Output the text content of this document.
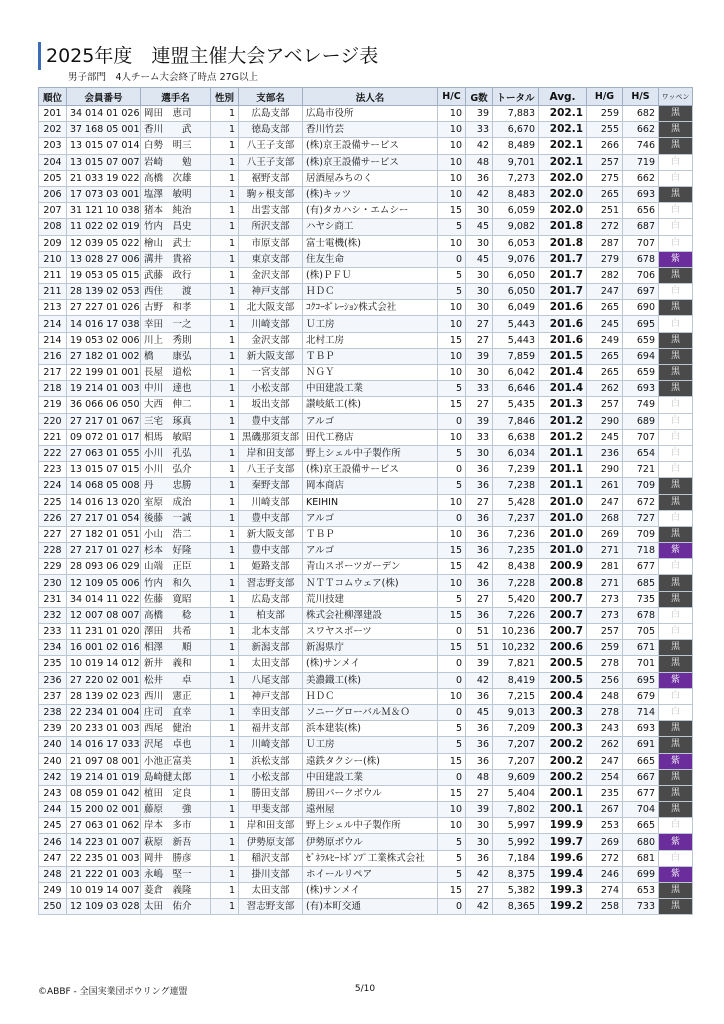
2025年度　連盟主催大会アベレージ表
男子部門　4人チーム大会終了時点 27G以上
順位	会員番号	選手名	性別	支部名	法人名	H/C	G数	トータル	Avg.	H/G	H/S	ワッペン
201	34 014 01 026	岡田　恵司	1	広島支部	広島市役所	10	39	7,883	202.1	259	682	黒
202	37 168 05 001	香川　　武	1	徳島支部	香川竹芸	10	33	6,670	202.1	255	662	黒
203	13 015 07 014	白勢　明三	1	八王子支部	(株)京王設備サービス	10	42	8,489	202.1	266	746	黒
204	13 015 07 007	岩崎　　勉	1	八王子支部	(株)京王設備サービス	10	48	9,701	202.1	257	719	白
205	21 033 19 022	高橋　次雄	1	裾野支部	居酒屋みちのく	10	36	7,273	202.0	275	662	白
206	17 073 03 001	塩澤　敏明	1	駒ヶ根支部	(株)キッツ	10	42	8,483	202.0	265	693	黒
207	31 121 10 038	猪本　純治	1	出雲支部	(有)タカハシ・エムシー	15	30	6,059	202.0	251	656	白
208	11 022 02 019	竹内　昌史	1	所沢支部	ハヤシ商工	5	45	9,082	201.8	272	687	白
209	12 039 05 022	檜山　武士	1	市原支部	富士電機(株)	10	30	6,053	201.8	287	707	白
210	13 028 27 006	溝井　貴裕	1	東京支部	住友生命	0	45	9,076	201.7	279	678	紫
211	19 053 05 015	武藤　政行	1	金沢支部	(株)ＰＦＵ	5	30	6,050	201.7	282	706	黒
211	28 139 02 053	西住　　渡	1	神戸支部	ＨＤＣ	5	30	6,050	201.7	247	697	白
213	27 227 01 026	古野　和孝	1	北大阪支部	ｺｸｺｰﾎﾟﾚｰｼｮﾝ株式会社	10	30	6,049	201.6	265	690	黒
214	14 016 17 038	幸田　一之	1	川崎支部	Ｕ工房	10	27	5,443	201.6	245	695	白
214	19 053 02 006	川上　秀則	1	金沢支部	北村工房	15	27	5,443	201.6	249	659	黒
216	27 182 01 002	橋　　康弘	1	新大阪支部	ＴＢＰ	10	39	7,859	201.5	265	694	黒
217	22 199 01 001	長屋　道松	1	一宮支部	ＮＧＹ	10	30	6,042	201.4	265	659	黒
218	19 214 01 003	中川　達也	1	小松支部	中田建設工業	5	33	6,646	201.4	262	693	黒
219	36 066 06 050	大西　伸二	1	坂出支部	讃岐紙工(株)	15	27	5,435	201.3	257	749	白
220	27 217 01 067	三宅　琢真	1	豊中支部	アルゴ	0	39	7,846	201.2	290	689	白
221	09 072 01 017	相馬　敏昭	1	黒磯那須支部	田代工務店	10	33	6,638	201.2	245	707	白
222	27 063 01 055	小川　孔弘	1	岸和田支部	野上シェル中子製作所	5	30	6,034	201.1	236	654	白
223	13 015 07 015	小川　弘介	1	八王子支部	(株)京王設備サービス	0	36	7,239	201.1	290	721	白
224	14 068 05 008	丹　　忠勝	1	秦野支部	岡本商店	5	36	7,238	201.1	261	709	黒
225	14 016 13 020	室原　成治	1	川崎支部	KEIHIN	10	27	5,428	201.0	247	672	黒
226	27 217 01 054	後藤　一誠	1	豊中支部	アルゴ	0	36	7,237	201.0	268	727	白
227	27 182 01 051	小山　浩二	1	新大阪支部	ＴＢＰ	10	36	7,236	201.0	269	709	黒
228	27 217 01 027	杉本　好隆	1	豊中支部	アルゴ	15	36	7,235	201.0	271	718	紫
229	28 093 06 029	山端　正臣	1	姫路支部	青山スポーツガーデン	15	42	8,438	200.9	281	677	白
230	12 109 05 006	竹内　和久	1	習志野支部	ＮＴＴコムウェア(株)	10	36	7,228	200.8	271	685	黒
231	34 014 11 022	佐藤　寛昭	1	広島支部	荒川技建	5	27	5,420	200.7	273	735	黒
232	12 007 08 007	高橋　　稔	1	柏支部	株式会社柳澤建設	15	36	7,226	200.7	273	678	白
233	11 231 01 020	澤田　共希	1	北本支部	スワヤスポーツ	0	51	10,236	200.7	257	705	白
234	16 001 02 016	相澤　　順	1	新潟支部	新潟県庁	15	51	10,232	200.6	259	671	黒
235	10 019 14 012	新井　義和	1	太田支部	(株)サンメイ	0	39	7,821	200.5	278	701	黒
236	27 220 02 001	松井　　卓	1	八尾支部	美濃鐵工(株)	0	42	8,419	200.5	256	695	紫
237	28 139 02 023	西川　憲正	1	神戸支部	ＨＤＣ	10	36	7,215	200.4	248	679	白
238	22 234 01 004	庄司　直幸	1	幸田支部	ソニーグローバルＭ＆Ｏ	0	45	9,013	200.3	278	714	白
239	20 233 01 003	西尾　健治	1	福井支部	浜本建装(株)	5	36	7,209	200.3	243	693	黒
240	14 016 17 033	沢尾　卓也	1	川崎支部	Ｕ工房	5	36	7,207	200.2	262	691	黒
240	21 097 08 001	小池正富美	1	浜松支部	遠鉄タクシー(株)	15	36	7,207	200.2	247	665	紫
242	19 214 01 019	島崎健太郎	1	小松支部	中田建設工業	0	48	9,609	200.2	254	667	黒
243	08 059 01 042	植田　定良	1	勝田支部	勝田パークボウル	15	27	5,404	200.1	235	677	黒
244	15 200 02 001	藤原　　強	1	甲斐支部	遠州屋	10	39	7,802	200.1	267	704	黒
245	27 063 01 062	岸本　多市	1	岸和田支部	野上シェル中子製作所	10	30	5,997	199.9	253	665	白
246	14 223 01 007	萩原　新吾	1	伊勢原支部	伊勢原ボウル	5	30	5,992	199.7	269	680	紫
247	22 235 01 003	岡井　勝彦	1	稲沢支部	ｾﾞﾈﾗﾙﾋｰﾄﾎﾟﾝﾌﾟ工業株式会社	5	36	7,184	199.6	272	681	白
248	21 222 01 003	永嶋　堅一	1	掛川支部	ホイールリペア	5	42	8,375	199.4	246	699	紫
249	10 019 14 007	菱倉　義隆	1	太田支部	(株)サンメイ	15	27	5,382	199.3	274	653	黒
250	12 109 03 028	太田　佑介	1	習志野支部	(有)本町交通	0	42	8,365	199.2	258	733	黒
©ABBF - 全国実業団ボウリング連盟	5/10
